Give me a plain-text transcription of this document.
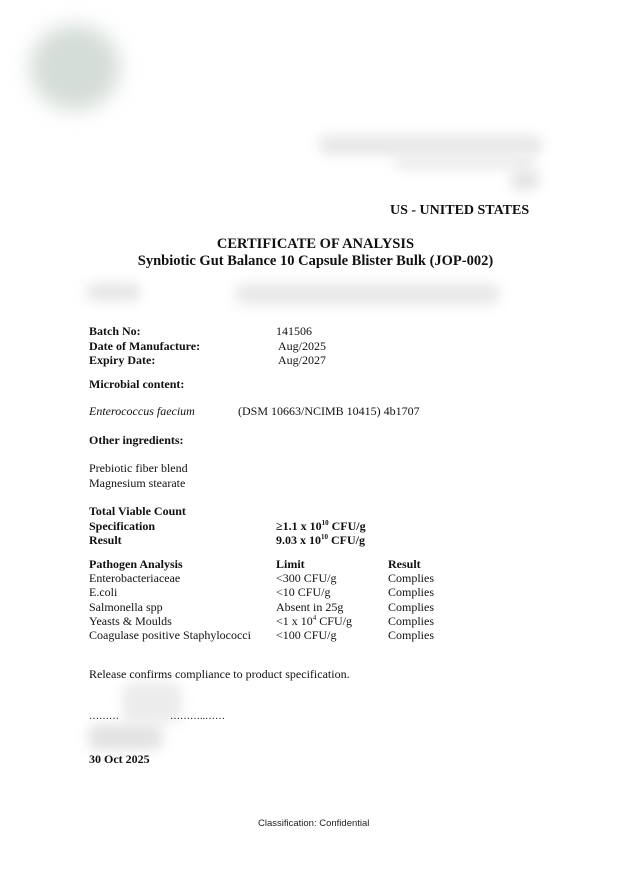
US - UNITED STATES
CERTIFICATE OF ANALYSIS
Synbiotic Gut Balance 10 Capsule Blister Bulk (JOP-002)
Batch No:	141506
Date of Manufacture:	Aug/2025
Expiry Date:	Aug/2027
Microbial content:
Enterococcus faecium	(DSM 10663/NCIMB 10415) 4b1707
Other ingredients:
Prebiotic fiber blend
Magnesium stearate
Total Viable Count
Specification	≥1.1 x $10^{10}$ CFU/g
Result	9.03 x $10^{10}$ CFU/g
Pathogen Analysis	Limit	Result
Enterobacteriaceae	<300 CFU/g	Complies
E.coli	<10 CFU/g	Complies
Salmonella spp	Absent in 25g	Complies
Yeasts & Moulds	<1 x $10^4$ CFU/g	Complies
Coagulase positive Staphylococci <100 CFU/g	Complies
Release confirms compliance to product specification.
………	………..……
30 Oct 2025
Classification: Confidential
